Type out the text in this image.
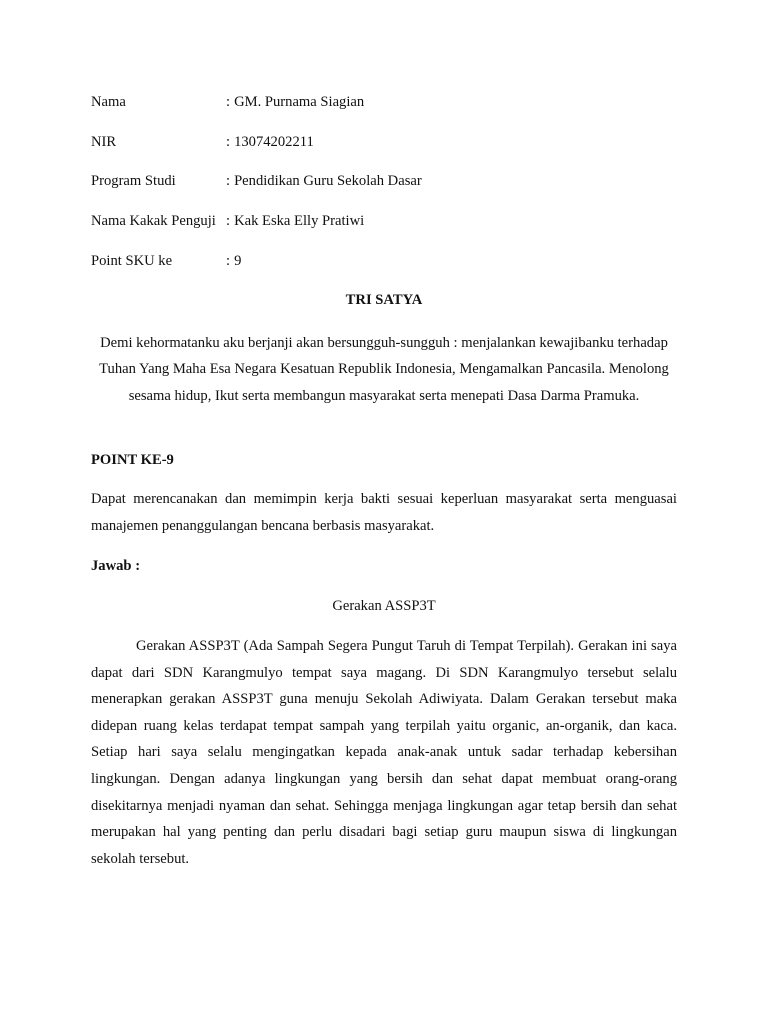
Nama	: GM. Purnama Siagian
NIR	: 13074202211
Program Studi	: Pendidikan Guru Sekolah Dasar
Nama Kakak Penguji : Kak Eska Elly Pratiwi
Point SKU ke	: 9
TRI SATYA
Demi kehormatanku aku berjanji akan bersungguh-sungguh : menjalankan kewajibanku terhadap Tuhan Yang Maha Esa Negara Kesatuan Republik Indonesia, Mengamalkan Pancasila. Menolong sesama hidup, Ikut serta membangun masyarakat serta menepati Dasa Darma Pramuka.
POINT KE-9
Dapat merencanakan dan memimpin kerja bakti sesuai keperluan masyarakat serta menguasai manajemen penanggulangan bencana berbasis masyarakat.
Jawab :
Gerakan ASSP3T
Gerakan ASSP3T (Ada Sampah Segera Pungut Taruh di Tempat Terpilah). Gerakan ini saya dapat dari SDN Karangmulyo tempat saya magang. Di SDN Karangmulyo tersebut selalu menerapkan gerakan ASSP3T guna menuju Sekolah Adiwiyata. Dalam Gerakan tersebut maka didepan ruang kelas terdapat tempat sampah yang terpilah yaitu organic, an-organik, dan kaca. Setiap hari saya selalu mengingatkan kepada anak-anak untuk sadar terhadap kebersihan lingkungan. Dengan adanya lingkungan yang bersih dan sehat dapat membuat orang-orang disekitarnya menjadi nyaman dan sehat. Sehingga menjaga lingkungan agar tetap bersih dan sehat merupakan hal yang penting dan perlu disadari bagi setiap guru maupun siswa di lingkungan sekolah tersebut.
